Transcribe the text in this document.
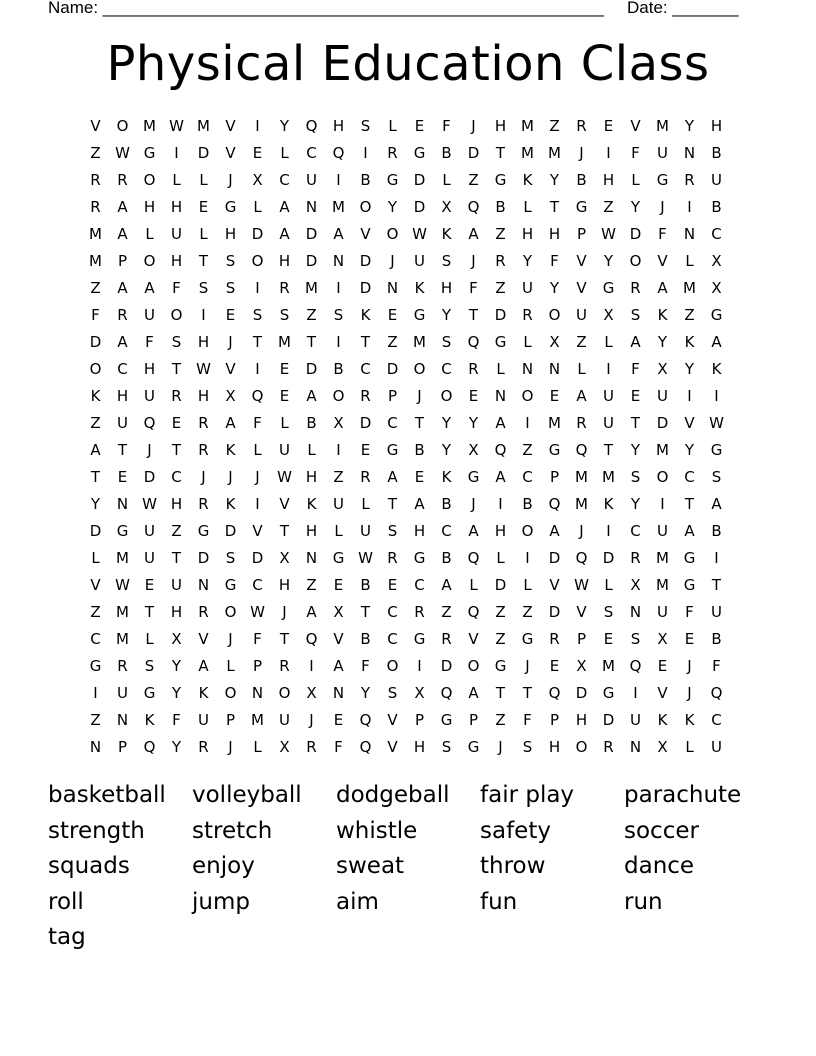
Name: _____________________________________________________ Date: _______
Physical Education Class
V	O M W M	V	I	Y	Q	H	S	L	E	F	J	H M	Z	R	E	V	M	Y	H
Z W G	I	D	V	E	L	C	Q	I	R	G	B	D	T	M M	J	I	F	U	N	B
R	R	O	L	L	J	X	C	U	I	B	G	D	L	Z	G	K	Y	B	H	L	G	R	U
R	A	H	H	E	G	L	A	N M O	Y	D	X	Q	B	L	T	G	Z	Y	J	I	B
M	A	L	U	L	H	D	A	D	A	V	O W K	A	Z	H	H	P	W D	F	N	C
M	P	O	H	T	S	O	H	D	N	D	J	U	S	J	R	Y	F	V	Y	O	V	L	X
Z	A	A	F	S	S	I	R	M	I	D	N	K	H	F	Z	U	Y	V	G	R	A	M	X
F	R	U	O	I	E	S	S	Z	S	K	E	G	Y	T	D	R	O	U	X	S	K	Z	G
D	A	F	S	H	J	T	M	T	I	T	Z	M	S	Q	G	L	X	Z	L	A	Y	K	A
O	C	H	T	W V	I	E	D	B	C	D	O	C	R	L	N	N	L	I	F	X	Y	K
K	H	U	R	H	X	Q	E	A	O	R	P	J	O	E	N	O	E	A	U	E	U	I	I
Z	U	Q	E	R	A	F	L	B	X	D	C	T	Y	Y	A	I	M	R	U	T	D	V W
A	T	J	T	R	K	L	U	L	I	E	G	B	Y	X	Q	Z	G	Q	T	Y	M	Y	G
T	E	D	C	J	J	J	W H	Z	R	A	E	K	G	A	C	P	M M	S	O	C	S
Y	N W H	R	K	I	V	K	U	L	T	A	B	J	I	B	Q M	K	Y	I	T	A
D	G	U	Z	G	D	V	T	H	L	U	S	H	C	A	H	O	A	J	I	C	U	A	B
L	M	U	T	D	S	D	X	N	G W R	G	B	Q	L	I	D	Q	D	R	M G	I
V W E	U	N	G	C	H	Z	E	B	E	C	A	L	D	L	V W	L	X	M G	T
Z	M	T	H	R	O W	J	A	X	T	C	R	Z	Q	Z	Z	D	V	S	N	U	F	U
C	M	L	X	V	J	F	T	Q	V	B	C	G	R	V	Z	G	R	P	E	S	X	E	B
G	R	S	Y	A	L	P	R	I	A	F	O	I	D	O	G	J	E	X	M Q	E	J	F
I	U	G	Y	K	O	N	O	X	N	Y	S	X	Q	A	T	T	Q	D	G	I	V	J	Q
Z	N	K	F	U	P	M	U	J	E	Q	V	P	G	P	Z	F	P	H	D	U	K	K	C
N	P	Q	Y	R	J	L	X	R	F	Q	V	H	S	G	J	S	H	O	R	N	X	L	U
basketball	volleyball	dodgeball	fair play	parachute
strength	stretch	whistle	safety	soccer
squads	enjoy	sweat	throw	dance
roll	jump	aim	fun	run
tag
